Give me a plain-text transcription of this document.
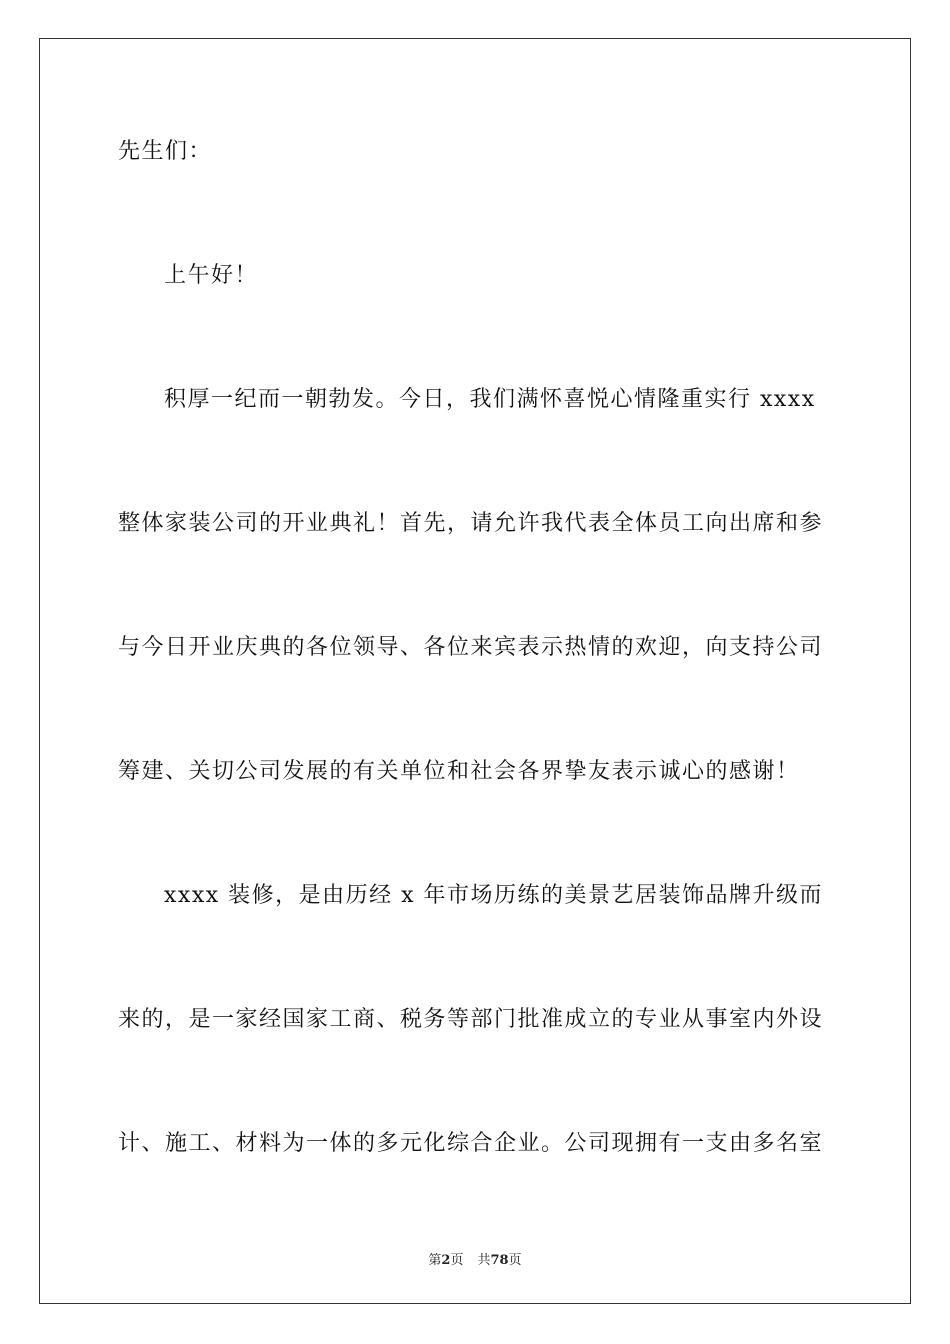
先生们：
上午好！
积厚一纪而一朝勃发。今日，我们满怀喜悦心情隆重实行 xxxx
整体家装公司的开业典礼！首先，请允许我代表全体员工向出席和参
与今日开业庆典的各位领导、各位来宾表示热情的欢迎，向支持公司
筹建、关切公司发展的有关单位和社会各界挚友表示诚心的感谢！
xxxx 装修，是由历经 x 年市场历练的美景艺居装饰品牌升级而
来的，是一家经国家工商、税务等部门批准成立的专业从事室内外设
计、施工、材料为一体的多元化综合企业。公司现拥有一支由多名室
第2页 共78页
